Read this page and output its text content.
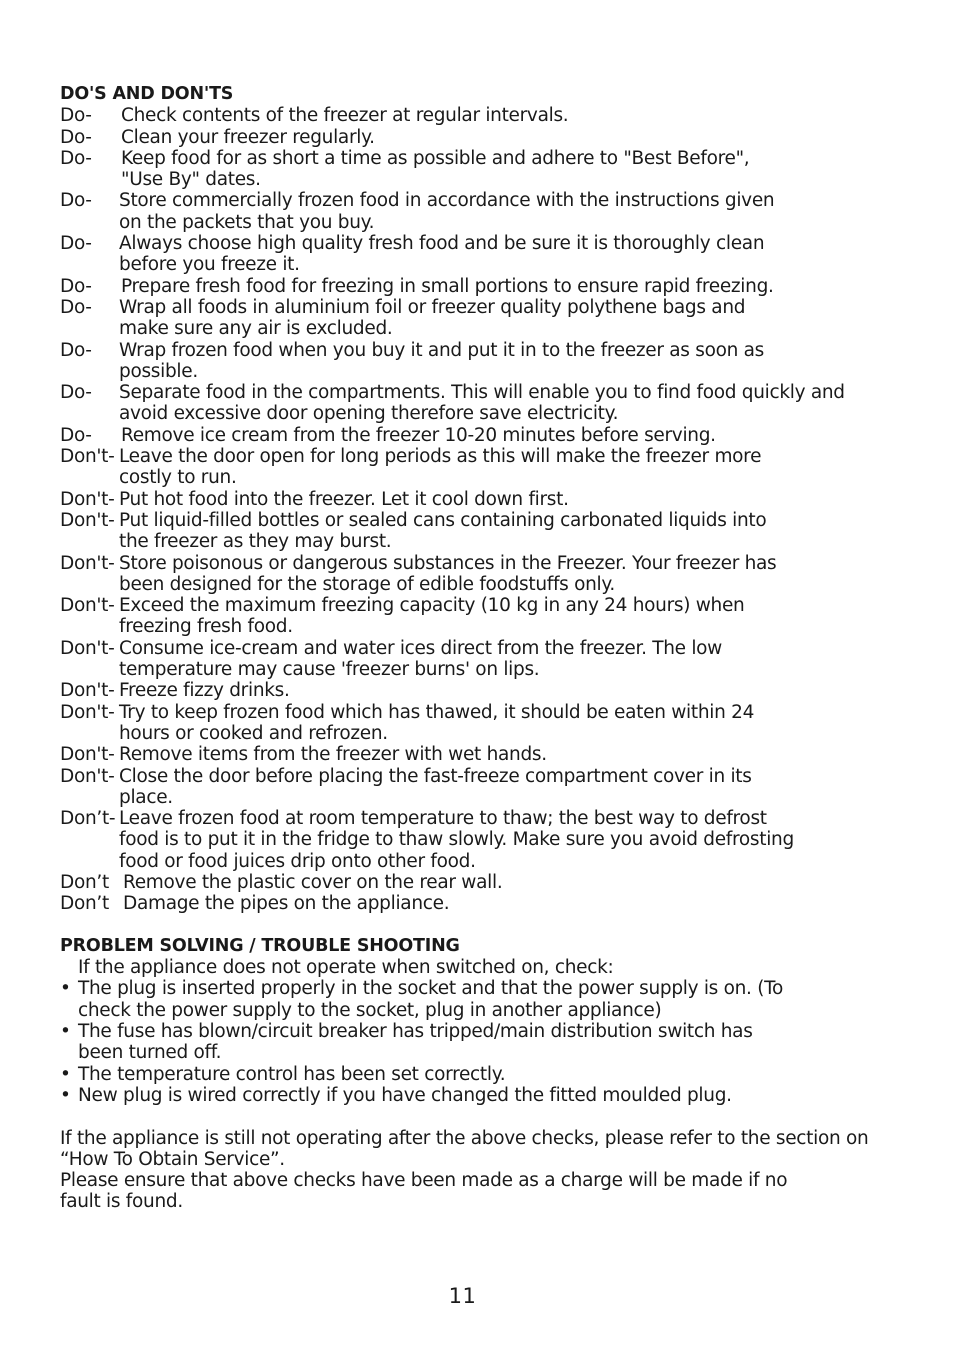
DO'S AND DON'TS
Do-	Check contents of the freezer at regular intervals.
Do-	Clean your freezer regularly.
Do-	Keep food for as short a time as possible and adhere to "Best Before",
"Use By" dates.
Do-	Store commercially frozen food in accordance with the instructions given
on the packets that you buy.
Do-	Always choose high quality fresh food and be sure it is thoroughly clean
before you freeze it.
Do-	Prepare fresh food for freezing in small portions to ensure rapid freezing.
Do-	Wrap all foods in aluminium foil or freezer quality polythene bags and
make sure any air is excluded.
Do-	Wrap frozen food when you buy it and put it in to the freezer as soon as
possible.
Do-	Separate food in the compartments. This will enable you to find food quickly and
avoid excessive door opening therefore save electricity.
Do-	Remove ice cream from the freezer 10-20 minutes before serving.
Don't- Leave the door open for long periods as this will make the freezer more
costly to run.
Don't- Put hot food into the freezer. Let it cool down first.
Don't- Put liquid-filled bottles or sealed cans containing carbonated liquids into
the freezer as they may burst.
Don't- Store poisonous or dangerous substances in the Freezer. Your freezer has
been designed for the storage of edible foodstuffs only.
Don't- Exceed the maximum freezing capacity (10 kg in any 24 hours) when
freezing fresh food.
Don't- Consume ice-cream and water ices direct from the freezer. The low
temperature may cause 'freezer burns' on lips.
Don't- Freeze fizzy drinks.
Don't- Try to keep frozen food which has thawed, it should be eaten within 24
hours or cooked and refrozen.
Don't- Remove items from the freezer with wet hands.
Don't- Close the door before placing the fast-freeze compartment cover in its
place.
Don’t- Leave frozen food at room temperature to thaw; the best way to defrost
food is to put it in the fridge to thaw slowly. Make sure you avoid defrosting
food or food juices drip onto other food.
Don’t Remove the plastic cover on the rear wall.
Don’t Damage the pipes on the appliance.
PROBLEM SOLVING / TROUBLE SHOOTING
If the appliance does not operate when switched on, check:
• The plug is inserted properly in the socket and that the power supply is on. (To
check the power supply to the socket, plug in another appliance)
• The fuse has blown/circuit breaker has tripped/main distribution switch has
been turned off.
• The temperature control has been set correctly.
• New plug is wired correctly if you have changed the fitted moulded plug.
If the appliance is still not operating after the above checks, please refer to the section on
“How To Obtain Service”.
Please ensure that above checks have been made as a charge will be made if no
fault is found.
11
